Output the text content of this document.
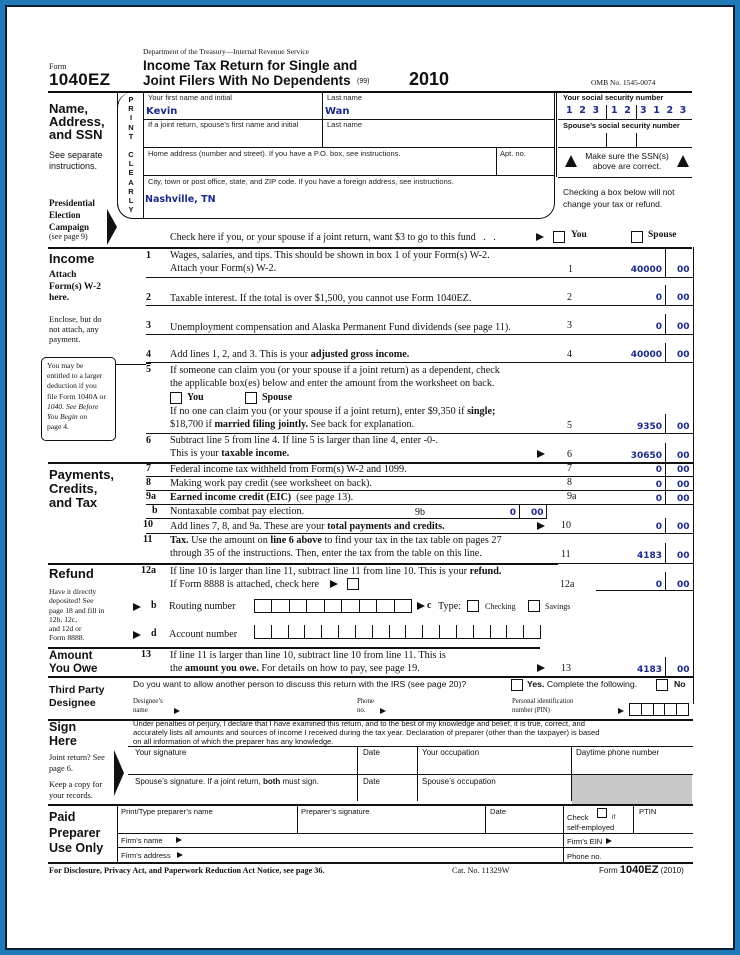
Form
1040EZ
Department of the Treasury—Internal Revenue Service
Income Tax Return for Single and
Joint Filers With No Dependents (99) 2010	OMB No. 1545-0074
Name,
Address,
and SSN
See separate
instructions.
P
R
I
N
T
C
L
E
A
R
L
Y
Your first name and initial
Kevin
Last name
Wan
If a joint return, spouse’s first name and initial	Last name
Home address (number and street). If you have a P.O. box, see instructions.	Apt. no.
City, town or post office, state, and ZIP code. If you have a foreign address, see instructions.
Nashville, TN
Your social security number
1  2  3 1  2 3  1  2  3
Spouse’s social security number
Make sure the SSN(s)
above are correct.
Checking a box below will not
change your tax or refund.
Presidential
Election
Campaign
(see page 9)	Check here if you, or your spouse if a joint return, want $3 to go to this fund   .   .	You	Spouse
Income
Attach
Form(s) W-2
here.
Enclose, but do
not attach, any
payment.
1 Wages, salaries, and tips. This should be shown in box 1 of your Form(s) W-2.
Attach your Form(s) W-2.	1	40000 00
2 Taxable interest. If the total is over $1,500, you cannot use Form 1040EZ.	2	0 00
3 Unemployment compensation and Alaska Permanent Fund dividends (see page 11).	3	0 00
4 Add lines 1, 2, and 3. This is your adjusted gross income.	4	40000 00
You may be
entitled to a larger
deduction if you
file Form 1040A or
1040. See Before
You Begin on
page 4.
5 If someone can claim you (or your spouse if a joint return) as a dependent, check
the applicable box(es) below and enter the amount from the worksheet on back.
You	Spouse
If no one can claim you (or your spouse if a joint return), enter $9,350 if single;
$18,700 if married filing jointly. See back for explanation.	5	9350 00
6 Subtract line 5 from line 4. If line 5 is larger than line 4, enter -0-.
This is your taxable income.	6	30650 00
Payments,
Credits,
and Tax
7 Federal income tax withheld from Form(s) W-2 and 1099.	7	0 00
8 Making work pay credit (see worksheet on back).	8	0 00
9a Earned income credit (EIC) (see page 13).	9a	0 00
b Nontaxable combat pay election.	9b	0 00
10 Add lines 7, 8, and 9a. These are your total payments and credits.	10	0 00
11 Tax. Use the amount on line 6 above to find your tax in the tax table on pages 27
through 35 of the instructions. Then, enter the tax from the table on this line.	11	4183 00
Refund
Have it directly
deposited! See
page 18 and fill in
12b, 12c,
and 12d or
Form 8888.
12a If line 10 is larger than line 11, subtract line 11 from line 10. This is your refund.
If Form 8888 is attached, check here	12a	0 00
b Routing number	c Type:	Checking	Savings
d Account number
Amount
You Owe
13 If line 11 is larger than line 10, subtract line 10 from line 11. This is
the amount you owe. For details on how to pay, see page 19.	13	4183 00
Third Party
Designee
Do you want to allow another person to discuss this return with the IRS (see page 20)?	Yes. Complete the following.	No
Designee’s
name
Phone
no.
Personal identification
number (PIN)
Sign
Here
Joint return? See
page 6.
Keep a copy for
your records.
Under penalties of perjury, I declare that I have examined this return, and to the best of my knowledge and belief, it is true, correct, and
accurately lists all amounts and sources of income I received during the tax year. Declaration of preparer (other than the taxpayer) is based
on all information of which the preparer has any knowledge.
Your signature	Date	Your occupation	Daytime phone number
Spouse’s signature. If a joint return, both must sign.	Date	Spouse’s occupation
Paid
Preparer
Use Only
Print/Type preparer’s name	Preparer’s signature	Date
Check	if
self-employed
PTIN
Firm’s name	Firm’s EIN
Firm’s address	Phone no.
For Disclosure, Privacy Act, and Paperwork Reduction Act Notice, see page 36.	Cat. No. 11329W	Form 1040EZ (2010)
